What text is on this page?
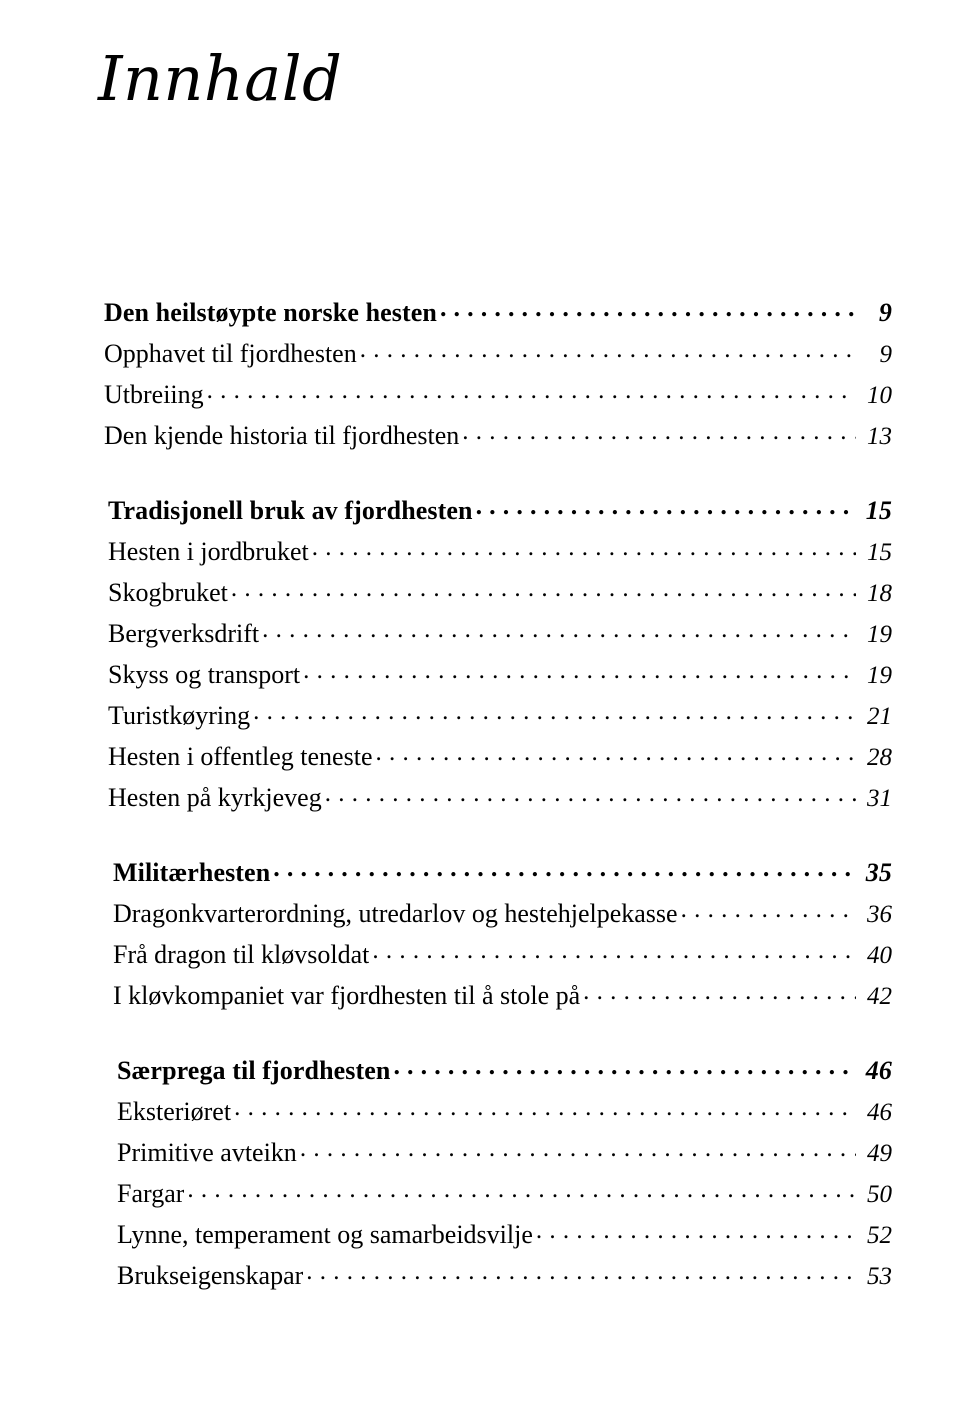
Innhald
Den heilstøypte norske hesten . . .	9
Opphavet til fjordhesten . . .	9
Utbreiing . . .	10
Den kjende historia til fjordhesten . . .	13
Tradisjonell bruk av fjordhesten . . .	15
Hesten i jordbruket . . .	15
Skogbruket . . .	18
Bergverksdrift . . .	19
Skyss og transport . . .	19
Turistkøyring . . .	21
Hesten i offentleg teneste . . .	28
Hesten på kyrkjeveg . . .	31
Militærhesten . . .	35
Dragonkvarterordning, utredarlov og hestehjelpekasse . . .	36
Frå dragon til kløvsoldat . . .	40
I kløvkompaniet var fjordhesten til å stole på . . .	42
Særprega til fjordhesten . . .	46
Eksteriøret . . .	46
Primitive avteikn . . .	49
Fargar . . .	50
Lynne, temperament og samarbeidsvilje . . .	52
Brukseigenskapar . . .	53
